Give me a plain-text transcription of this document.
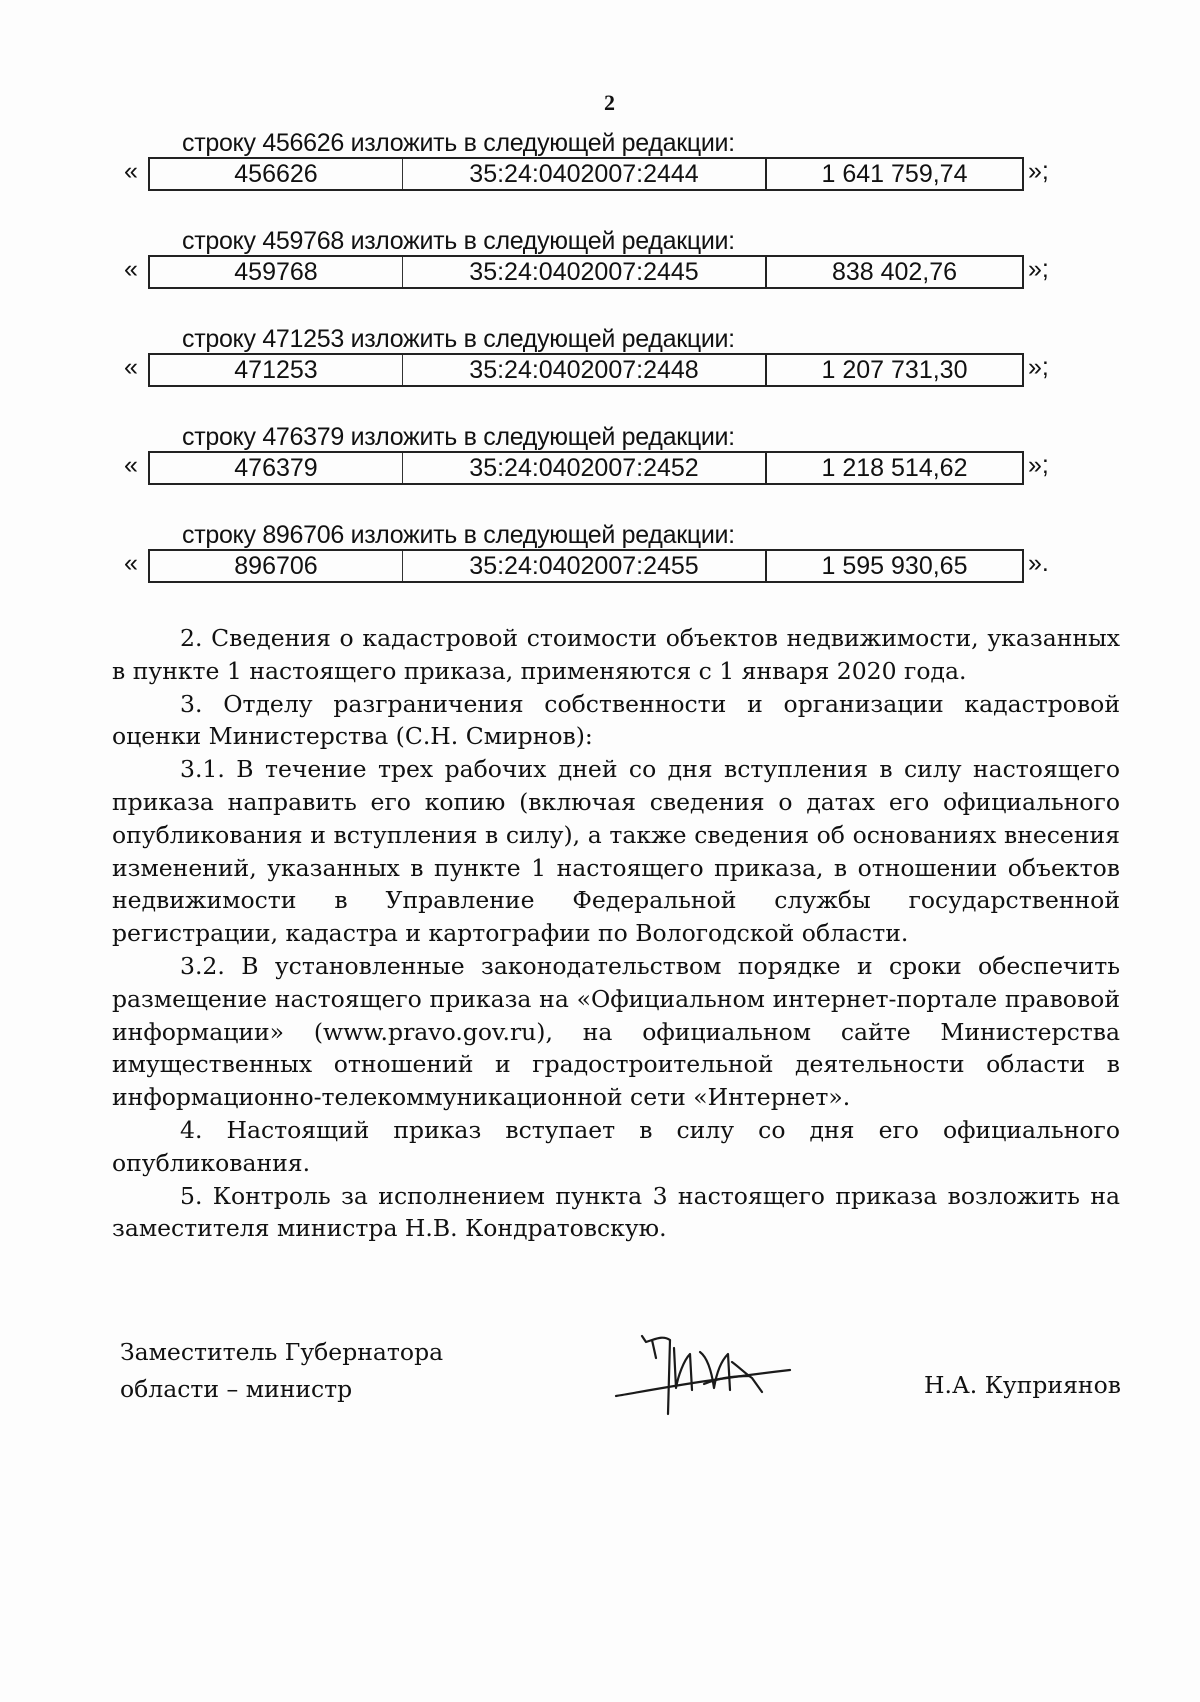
2
строку 456626 изложить в следующей редакции:
«	456626	35:24:0402007:2444	1 641 759,74	»;
строку 459768 изложить в следующей редакции:
«	459768	35:24:0402007:2445	838 402,76	»;
строку 471253 изложить в следующей редакции:
«	471253	35:24:0402007:2448	1 207 731,30	»;
строку 476379 изложить в следующей редакции:
«	476379	35:24:0402007:2452	1 218 514,62	»;
строку 896706 изложить в следующей редакции:
«	896706	35:24:0402007:2455	1 595 930,65	».

2. Сведения о кадастровой стоимости объектов недвижимости, указанных в пункте 1 настоящего приказа, применяются с 1 января 2020 года.

3. Отделу разграничения собственности и организации кадастровой оценки Министерства (С.Н. Смирнов):

3.1. В течение трех рабочих дней со дня вступления в силу настоящего приказа направить его копию (включая сведения о датах его официального опубликования и вступления в силу), а также сведения об основаниях внесения изменений, указанных в пункте 1 настоящего приказа, в отношении объектов недвижимости в Управление Федеральной службы государственной регистрации, кадастра и картографии по Вологодской области.

3.2. В установленные законодательством порядке и сроки обеспечить размещение настоящего приказа на «Официальном интернет-портале правовой информации» (www.pravo.gov.ru), на официальном сайте Министерства имущественных отношений и градостроительной деятельности области в информационно-телекоммуникационной сети «Интернет».

4. Настоящий приказ вступает в силу со дня его официального опубликования.

5. Контроль за исполнением пункта 3 настоящего приказа возложить на заместителя министра Н.В. Кондратовскую.

Заместитель Губернатора
области – министр	Н.А. Куприянов
